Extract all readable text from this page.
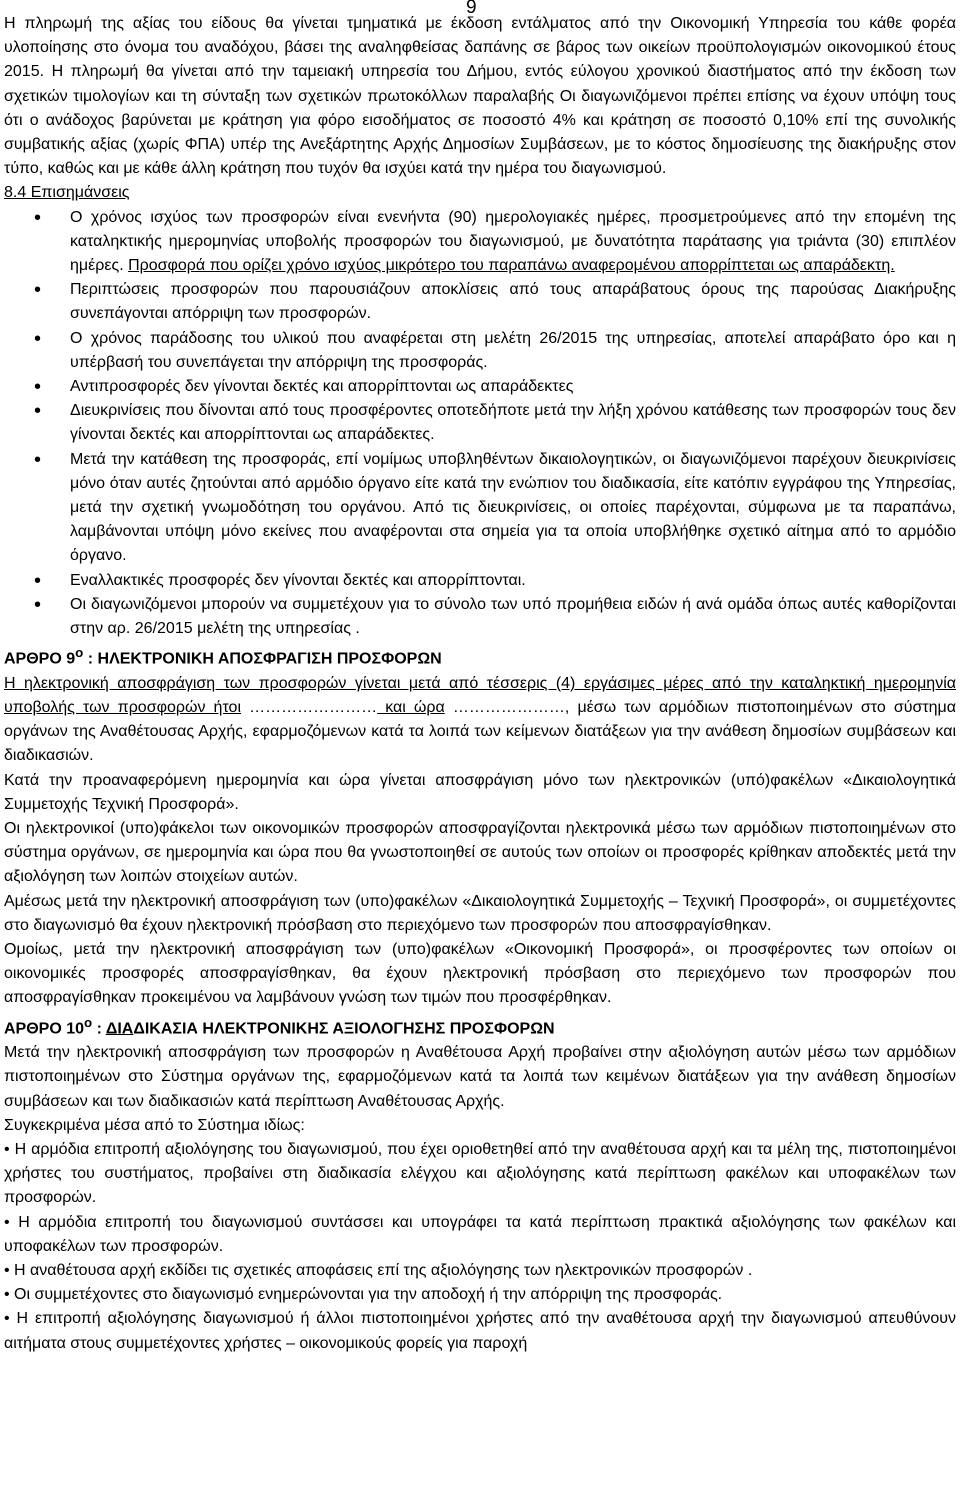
9

Η πληρωμή της αξίας του είδους θα γίνεται τμηματικά με έκδοση εντάλματος από την Οικονομική Υπηρεσία του κάθε φορέα υλοποίησης στο όνομα του αναδόχου, βάσει της αναληφθείσας δαπάνης σε βάρος των οικείων προϋπολογισμών οικονομικού έτους 2015. Η πληρωμή θα γίνεται από την ταμειακή υπηρεσία του Δήμου, εντός εύλογου χρονικού διαστήματος από την έκδοση των σχετικών τιμολογίων και τη σύνταξη των σχετικών πρωτοκόλλων παραλαβής Οι διαγωνιζόμενοι πρέπει επίσης να έχουν υπόψη τους ότι ο ανάδοχος βαρύνεται με κράτηση για φόρο εισοδήματος σε ποσοστό 4% και κράτηση σε ποσοστό 0,10% επί της συνολικής συμβατικής αξίας (χωρίς ΦΠΑ) υπέρ της Ανεξάρτητης Αρχής Δημοσίων Συμβάσεων, με το κόστος δημοσίευσης της διακήρυξης στον τύπο, καθώς και με κάθε άλλη κράτηση που τυχόν θα ισχύει κατά την ημέρα του διαγωνισμού.

8.4 Επισημάνσεις

• Ο χρόνος ισχύος των προσφορών είναι ενενήντα (90) ημερολογιακές ημέρες, προσμετρούμενες από την επομένη της καταληκτικής ημερομηνίας υποβολής προσφορών του διαγωνισμού, με δυνατότητα παράτασης για τριάντα (30) επιπλέον ημέρες. Προσφορά που ορίζει χρόνο ισχύος μικρότερο του παραπάνω αναφερομένου απορρίπτεται ως απαράδεκτη.
• Περιπτώσεις προσφορών που παρουσιάζουν αποκλίσεις από τους απαράβατους όρους της παρούσας Διακήρυξης συνεπάγονται απόρριψη των προσφορών.
• Ο χρόνος παράδοσης του υλικού που αναφέρεται στη μελέτη 26/2015 της υπηρεσίας, αποτελεί απαράβατο όρο και η υπέρβασή του συνεπάγεται την απόρριψη της προσφοράς.
• Αντιπροσφορές δεν γίνονται δεκτές και απορρίπτονται ως απαράδεκτες
• Διευκρινίσεις που δίνονται από τους προσφέροντες οποτεδήποτε μετά την λήξη χρόνου κατάθεσης των προσφορών τους δεν γίνονται δεκτές και απορρίπτονται ως απαράδεκτες.
• Μετά την κατάθεση της προσφοράς, επί νομίμως υποβληθέντων δικαιολογητικών, οι διαγωνιζόμενοι παρέχουν διευκρινίσεις μόνο όταν αυτές ζητούνται από αρμόδιο όργανο είτε κατά την ενώπιον του διαδικασία, είτε κατόπιν εγγράφου της Υπηρεσίας, μετά την σχετική γνωμοδότηση του οργάνου. Από τις διευκρινίσεις, οι οποίες παρέχονται, σύμφωνα με τα παραπάνω, λαμβάνονται υπόψη μόνο εκείνες που αναφέρονται στα σημεία για τα οποία υποβλήθηκε σχετικό αίτημα από το αρμόδιο όργανο.
• Εναλλακτικές προσφορές δεν γίνονται δεκτές και απορρίπτονται.
• Οι διαγωνιζόμενοι μπορούν να συμμετέχουν για το σύνολο των υπό προμήθεια ειδών ή ανά ομάδα όπως αυτές καθορίζονται στην αρ. 26/2015 μελέτη της υπηρεσίας .

ΑΡΘΡΟ $9^o$ : ΗΛΕΚΤΡΟΝΙΚΗ ΑΠΟΣΦΡΑΓΙΣΗ ΠΡΟΣΦΟΡΩΝ

Η ηλεκτρονική αποσφράγιση των προσφορών γίνεται μετά από τέσσερις (4) εργάσιμες μέρες από την καταληκτική ημερομηνία υποβολής των προσφορών ήτοι …………………… και ώρα …………………, μέσω των αρμόδιων πιστοποιημένων στο σύστημα οργάνων της Αναθέτουσας Αρχής, εφαρμοζόμενων κατά τα λοιπά των κείμενων διατάξεων για την ανάθεση δημοσίων συμβάσεων και διαδικασιών.

Κατά την προαναφερόμενη ημερομηνία και ώρα γίνεται αποσφράγιση μόνο των ηλεκτρονικών (υπό)φακέλων «Δικαιολογητικά Συμμετοχής Τεχνική Προσφορά».

Οι ηλεκτρονικοί (υπο)φάκελοι των οικονομικών προσφορών αποσφραγίζονται ηλεκτρονικά μέσω των αρμόδιων πιστοποιημένων στο σύστημα οργάνων, σε ημερομηνία και ώρα που θα γνωστοποιηθεί σε αυτούς των οποίων οι προσφορές κρίθηκαν αποδεκτές μετά την αξιολόγηση των λοιπών στοιχείων αυτών.

Αμέσως μετά την ηλεκτρονική αποσφράγιση των (υπο)φακέλων «Δικαιολογητικά Συμμετοχής – Τεχνική Προσφορά», οι συμμετέχοντες στο διαγωνισμό θα έχουν ηλεκτρονική πρόσβαση στο περιεχόμενο των προσφορών που αποσφραγίσθηκαν.

Ομοίως, μετά την ηλεκτρονική αποσφράγιση των (υπο)φακέλων «Οικονομική Προσφορά», οι προσφέροντες των οποίων οι οικονομικές προσφορές αποσφραγίσθηκαν, θα έχουν ηλεκτρονική πρόσβαση στο περιεχόμενο των προσφορών που αποσφραγίσθηκαν προκειμένου να λαμβάνουν γνώση των τιμών που προσφέρθηκαν.

ΑΡΘΡΟ $10^o$ : ΔΙΑΔΙΚΑΣΙΑ ΗΛΕΚΤΡΟΝΙΚΗΣ ΑΞΙΟΛΟΓΗΣΗΣ ΠΡΟΣΦΟΡΩΝ

Μετά την ηλεκτρονική αποσφράγιση των προσφορών η Αναθέτουσα Αρχή προβαίνει στην αξιολόγηση αυτών μέσω των αρμόδιων πιστοποιημένων στο Σύστημα οργάνων της, εφαρμοζόμενων κατά τα λοιπά των κειμένων διατάξεων για την ανάθεση δημοσίων συμβάσεων και των διαδικασιών κατά περίπτωση Αναθέτουσας Αρχής.

Συγκεκριμένα μέσα από το Σύστημα ιδίως:

• Η αρμόδια επιτροπή αξιολόγησης του διαγωνισμού, που έχει οριοθετηθεί από την αναθέτουσα αρχή και τα μέλη της, πιστοποιημένοι χρήστες του συστήματος, προβαίνει στη διαδικασία ελέγχου και αξιολόγησης κατά περίπτωση φακέλων και υποφακέλων των προσφορών.

• Η αρμόδια επιτροπή του διαγωνισμού συντάσσει και υπογράφει τα κατά περίπτωση πρακτικά αξιολόγησης των φακέλων και υποφακέλων των προσφορών.

• Η αναθέτουσα αρχή εκδίδει τις σχετικές αποφάσεις επί της αξιολόγησης των ηλεκτρονικών προσφορών .

• Οι συμμετέχοντες στο διαγωνισμό ενημερώνονται για την αποδοχή ή την απόρριψη της προσφοράς.

• Η επιτροπή αξιολόγησης διαγωνισμού ή άλλοι πιστοποιημένοι χρήστες από την αναθέτουσα αρχή την διαγωνισμού απευθύνουν αιτήματα στους συμμετέχοντες χρήστες – οικονομικούς φορείς για παροχή
